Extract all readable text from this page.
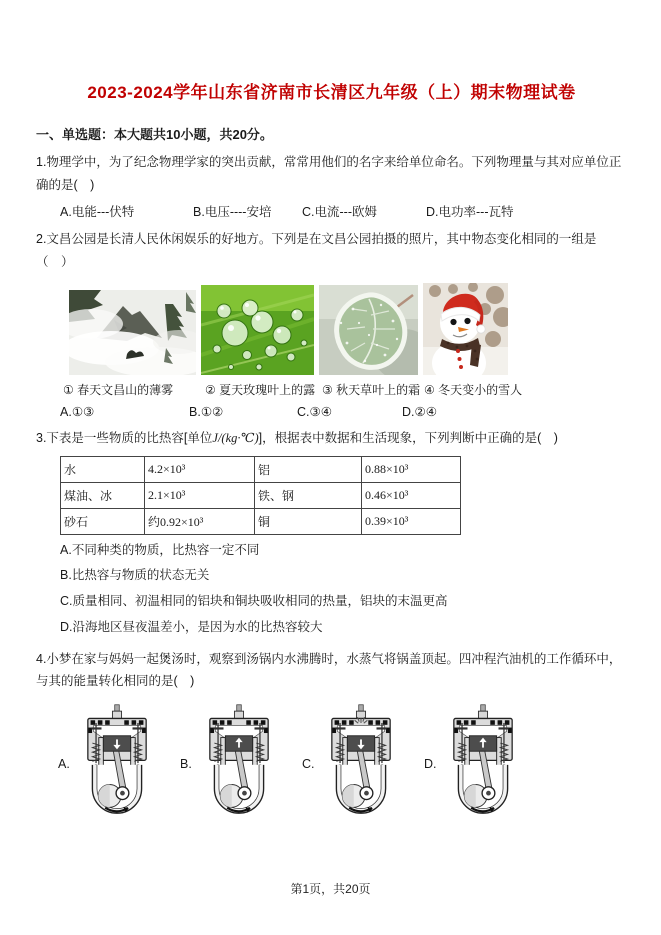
2023-2024学年山东省济南市长清区九年级（上）期末物理试卷
一、单选题：本大题共10小题，共20分。
1.物理学中，为了纪念物理学家的突出贡献，常常用他们的名字来给单位命名。下列物理量与其对应单位正确的是(　)
A.电能---伏特	B.电压----安培	C.电流---欧姆	D.电功率---瓦特
2.文昌公园是长清人民休闲娱乐的好地方。下列是在文昌公园拍摄的照片，其中物态变化相同的一组是（　）
① 春天文昌山的薄雾	② 夏天玫瑰叶上的露 ③ 秋天草叶上的霜 ④ 冬天变小的雪人
A.①③	B.①②	C.③④	D.②④
3.下表是一些物质的比热容[单位J/(kg·℃)]，根据表中数据和生活现象，下列判断中正确的是(　)
水	4.2×10³	铝	0.88×10³
煤油、冰	2.1×10³	铁、钢	0.46×10³
砂石	约0.92×10³	铜	0.39×10³
A.不同种类的物质，比热容一定不同
B.比热容与物质的状态无关
C.质量相同、初温相同的铝块和铜块吸收相同的热量，铝块的末温更高
D.沿海地区昼夜温差小，是因为水的比热容较大
4.小梦在家与妈妈一起煲汤时，观察到汤锅内水沸腾时，水蒸气将锅盖顶起。四冲程汽油机的工作循环中，与其的能量转化相同的是(　)
A.	B.	C.	D.
第1页，共20页
